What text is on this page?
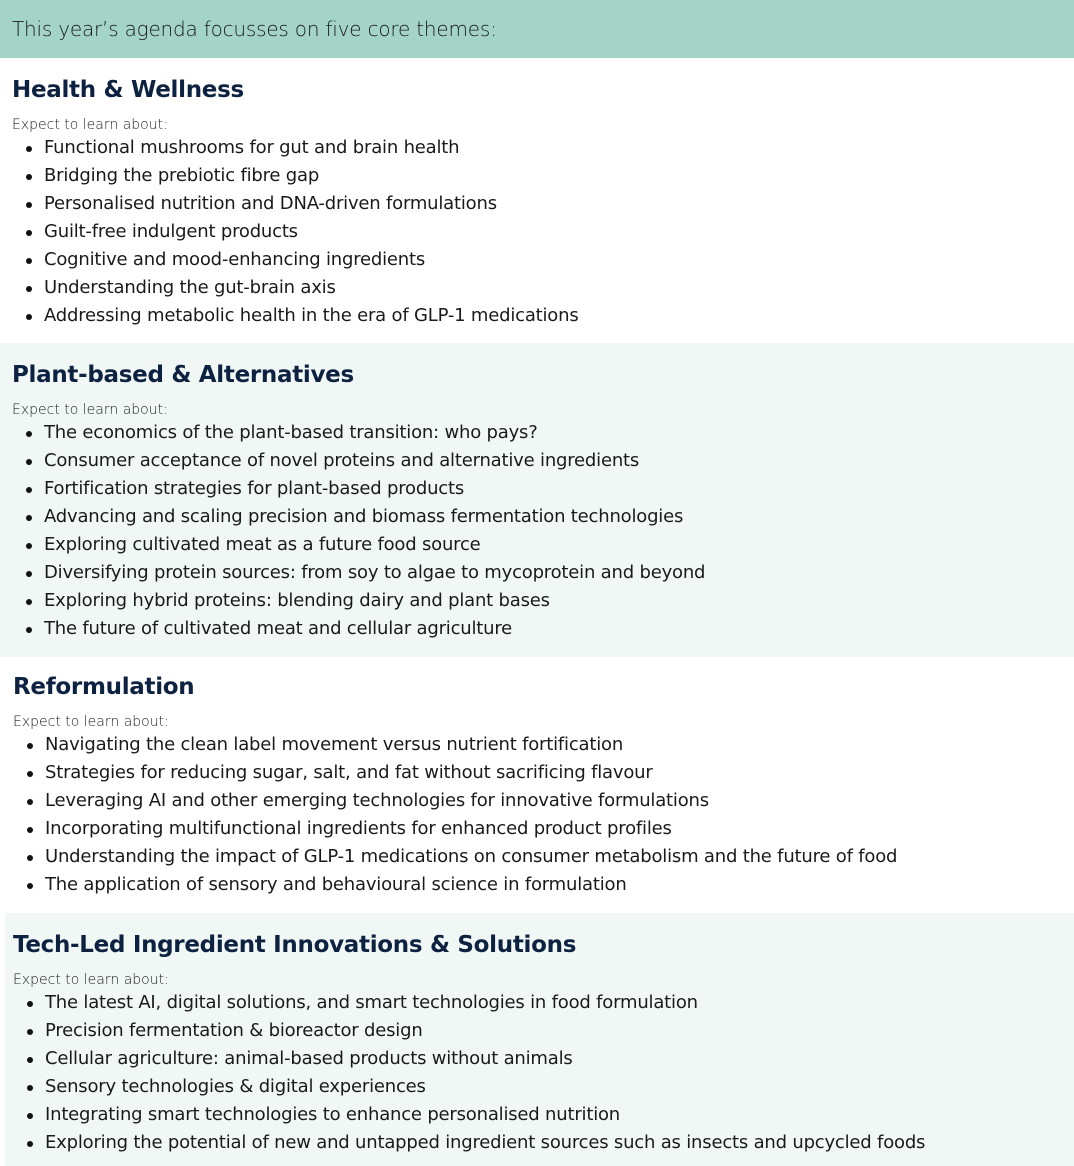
This year’s agenda focusses on five core themes:
Health & Wellness
Expect to learn about:
Functional mushrooms for gut and brain health
Bridging the prebiotic fibre gap
Personalised nutrition and DNA-driven formulations
Guilt-free indulgent products
Cognitive and mood-enhancing ingredients
Understanding the gut-brain axis
Addressing metabolic health in the era of GLP-1 medications
Plant-based & Alternatives
Expect to learn about:
The economics of the plant-based transition: who pays?
Consumer acceptance of novel proteins and alternative ingredients
Fortification strategies for plant-based products
Advancing and scaling precision and biomass fermentation technologies
Exploring cultivated meat as a future food source
Diversifying protein sources: from soy to algae to mycoprotein and beyond
Exploring hybrid proteins: blending dairy and plant bases
The future of cultivated meat and cellular agriculture
Reformulation
Expect to learn about:
Navigating the clean label movement versus nutrient fortification
Strategies for reducing sugar, salt, and fat without sacrificing flavour
Leveraging AI and other emerging technologies for innovative formulations
Incorporating multifunctional ingredients for enhanced product profiles
Understanding the impact of GLP-1 medications on consumer metabolism and the future of food
The application of sensory and behavioural science in formulation
Tech-Led Ingredient Innovations & Solutions
Expect to learn about:
The latest AI, digital solutions, and smart technologies in food formulation
Precision fermentation & bioreactor design
Cellular agriculture: animal-based products without animals
Sensory technologies & digital experiences
Integrating smart technologies to enhance personalised nutrition
Exploring the potential of new and untapped ingredient sources such as insects and upcycled foods
